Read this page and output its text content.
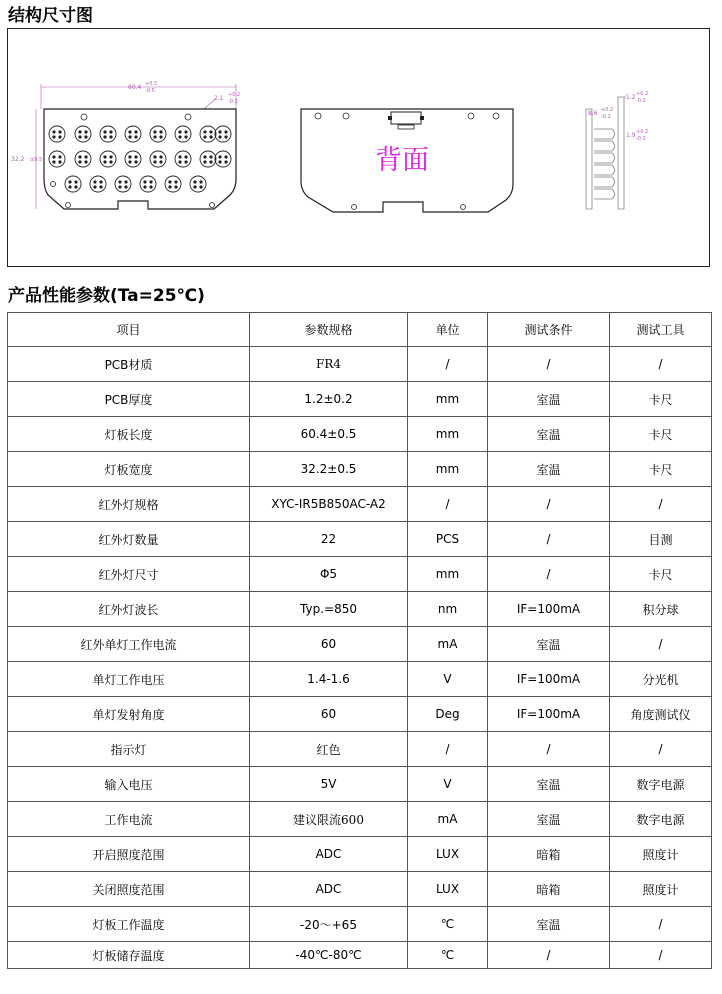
结构尺寸图
60.4 +0.5
-0.5
2.1 +0.2
-0.2
32.2 ±0.5	背面
1.2 +0.2
-0.2
8.6 +0.2
-0.2
1.9 +0.2
-0.2
产品性能参数(Ta=25℃)
项目	参数规格	单位	测试条件	测试工具
PCB材质	FR4	/	/	/
PCB厚度	1.2±0.2	mm	室温	卡尺
灯板长度	60.4±0.5	mm	室温	卡尺
灯板宽度	32.2±0.5	mm	室温	卡尺
红外灯规格	XYC-IR5B850AC-A2	/	/	/
红外灯数量	22	PCS	/	目测
红外灯尺寸	Φ5	mm	/	卡尺
红外灯波长	Typ.=850	nm	IF=100mA	积分球
红外单灯工作电流	60	mA	室温	/
单灯工作电压	1.4-1.6	V	IF=100mA	分光机
单灯发射角度	60	Deg	IF=100mA	角度测试仪
指示灯	红色	/	/	/
输入电压	5V	V	室温	数字电源
工作电流	建议限流600	mA	室温	数字电源
开启照度范围	ADC	LUX	暗箱	照度计
关闭照度范围	ADC	LUX	暗箱	照度计
灯板工作温度	-20～+65	℃	室温	/
灯板储存温度	-40℃-80℃	℃	/	/
